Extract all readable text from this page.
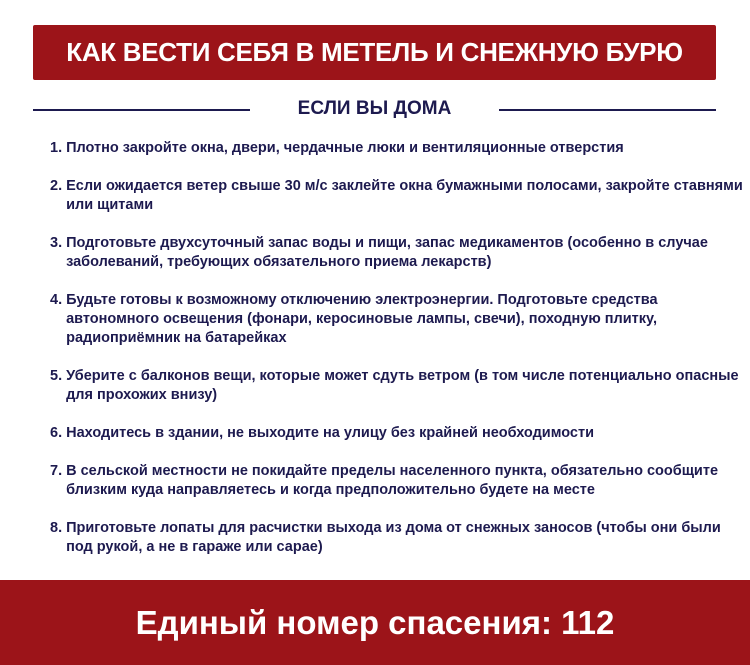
КАК ВЕСТИ СЕБЯ В МЕТЕЛЬ И СНЕЖНУЮ БУРЮ
ЕСЛИ ВЫ ДОМА
1. Плотно закройте окна, двери, чердачные люки и вентиляционные отверстия
2. Если ожидается ветер свыше 30 м/с заклейте окна бумажными полосами, закройте ставнями или щитами
3. Подготовьте двухсуточный запас воды и пищи, запас медикаментов (особенно в случае заболеваний, требующих обязательного приема лекарств)
4. Будьте готовы к возможному отключению электроэнергии. Подготовьте средства автономного освещения (фонари, керосиновые лампы, свечи), походную плитку, радиоприёмник на батарейках
5. Уберите с балконов вещи, которые может сдуть ветром (в том числе потенциально опасные для прохожих внизу)
6. Находитесь в здании, не выходите на улицу без крайней необходимости
7. В сельской местности не покидайте пределы населенного пункта, обязательно сообщите близким куда направляетесь и когда предположительно будете на месте
8. Приготовьте лопаты для расчистки выхода из дома от снежных заносов (чтобы они были под рукой, а не в гараже или сарае)
Единый номер спасения: 112
